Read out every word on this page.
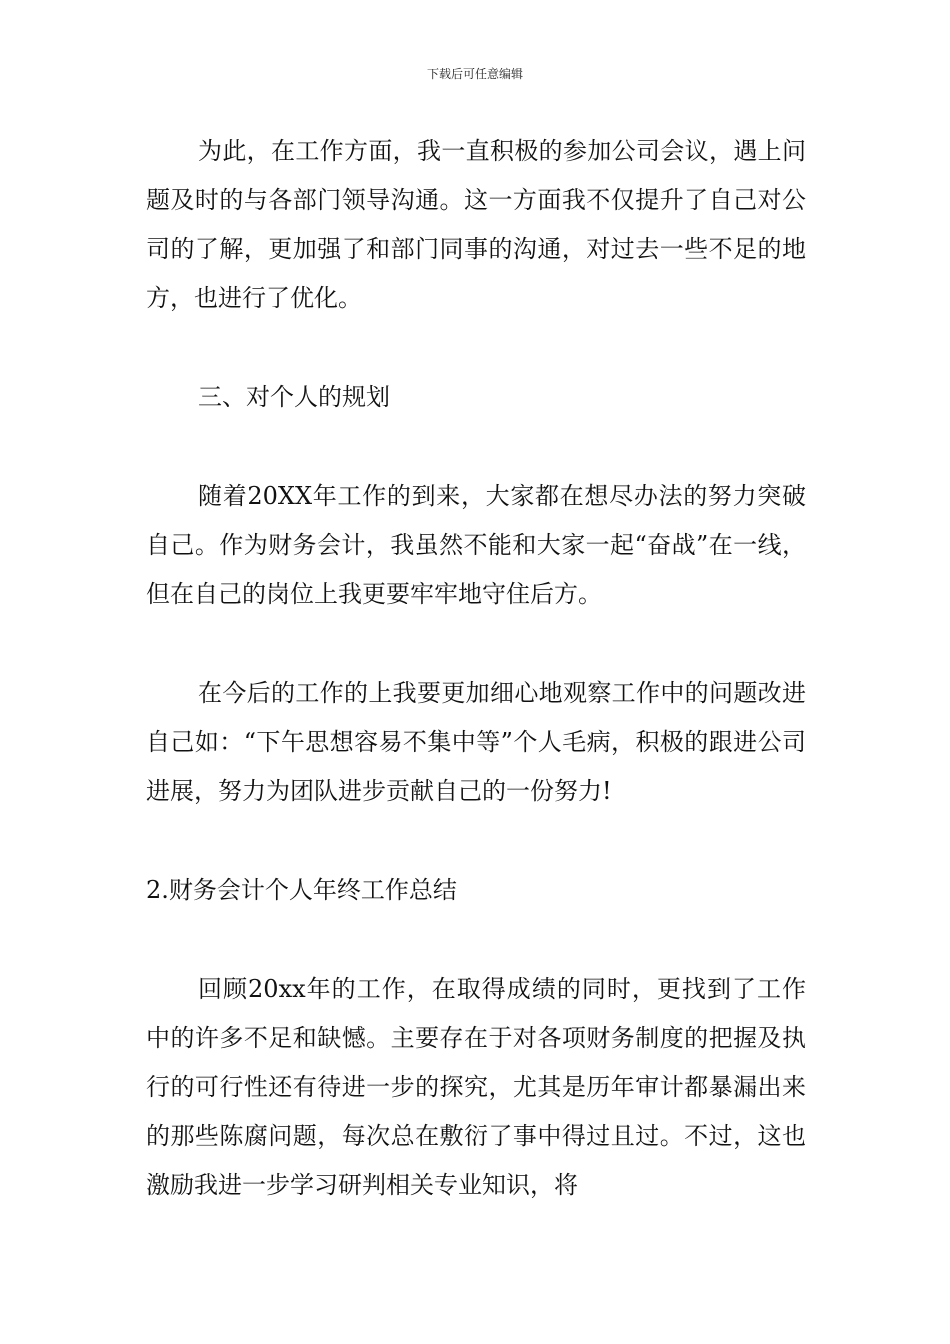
下载后可任意编辑

为此，在工作方面，我一直积极的参加公司会议，遇上问题及时的与各部门领导沟通。这一方面我不仅提升了自己对公司的了解，更加强了和部门同事的沟通，对过去一些不足的地方，也进行了优化。

三、对个人的规划

随着20XX年工作的到来，大家都在想尽办法的努力突破自己。作为财务会计，我虽然不能和大家一起“奋战”在一线，但在自己的岗位上我更要牢牢地守住后方。

在今后的工作的上我要更加细心地观察工作中的问题改进自己如：“下午思想容易不集中等”个人毛病，积极的跟进公司进展，努力为团队进步贡献自己的一份努力!

2.财务会计个人年终工作总结

回顾20xx年的工作，在取得成绩的同时，更找到了工作中的许多不足和缺憾。主要存在于对各项财务制度的把握及执行的可行性还有待进一步的探究，尤其是历年审计都暴漏出来的那些陈腐问题，每次总在敷衍了事中得过且过。不过，这也激励我进一步学习研判相关专业知识，将
